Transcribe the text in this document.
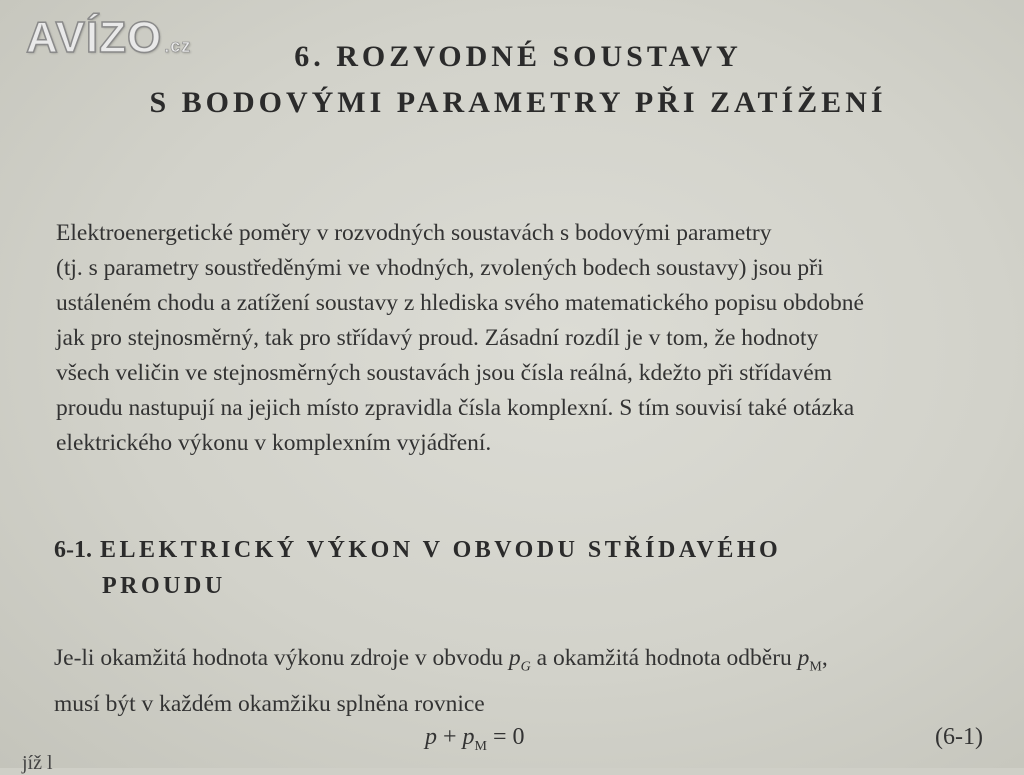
AVÍZO .cz	6. ROZVODNÉ SOUSTAVY
S BODOVÝMI PARAMETRY PŘI ZATÍŽENÍ
Elektroenergetické poměry v rozvodných soustavách s bodovými parametry
(tj. s parametry soustředěnými ve vhodných, zvolených bodech soustavy) jsou při
ustáleném chodu a zatížení soustavy z hlediska svého matematického popisu obdobné
jak pro stejnosměrný, tak pro střídavý proud. Zásadní rozdíl je v tom, že hodnoty
všech veličin ve stejnosměrných soustavách jsou čísla reálná, kdežto při střídavém
proudu nastupují na jejich místo zpravidla čísla komplexní. S tím souvisí také otázka
elektrického výkonu v komplexním vyjádření.
6-1. ELEKTRICKÝ VÝKON V OBVODU STŘÍDAVÉHO
PROUDU
Je-li okamžitá hodnota výkonu zdroje v obvodu $p_G$ a okamžitá hodnota odběru $p_M$,
musí být v každém okamžiku splněna rovnice
$p + p_M = 0$	(6-1)
jíž l
